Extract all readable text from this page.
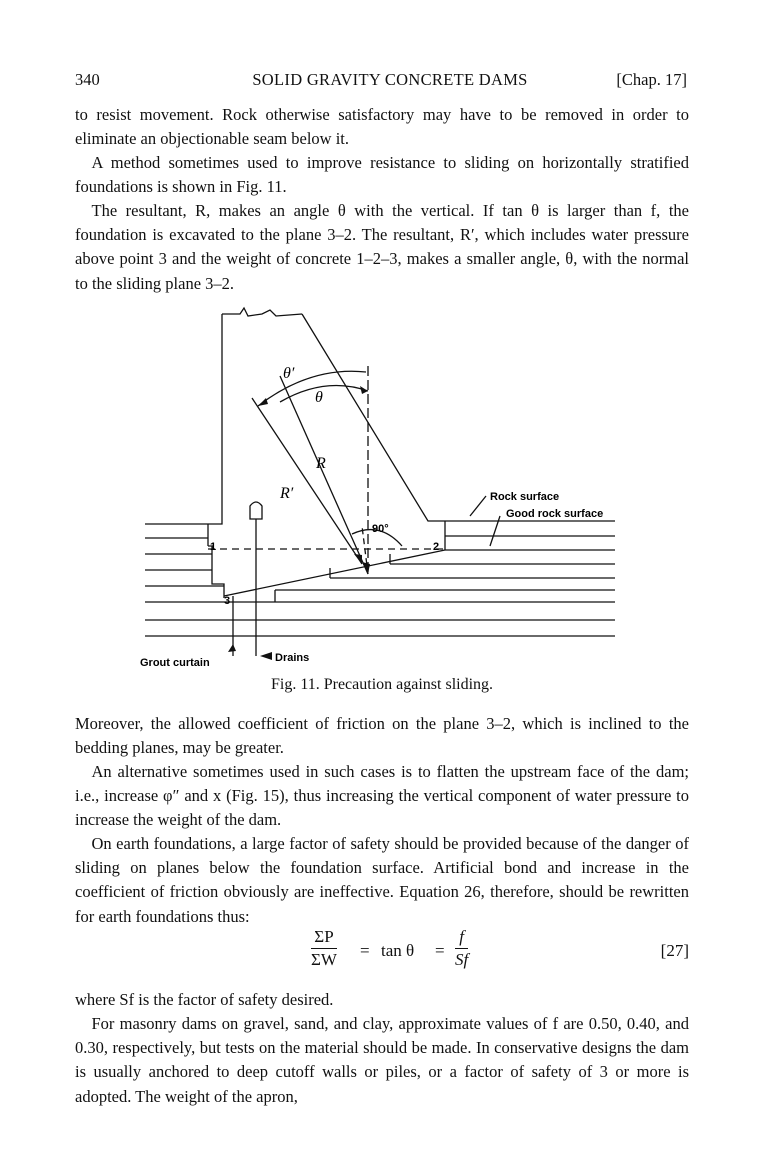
340	SOLID GRAVITY CONCRETE DAMS	[Chap. 17]

to resist movement. Rock otherwise satisfactory may have to be removed in order to eliminate an objectionable seam below it.

A method sometimes used to improve resistance to sliding on horizontally stratified foundations is shown in Fig. 11.

The resultant, R, makes an angle θ with the vertical. If tan θ is larger than f, the foundation is excavated to the plane 3–2. The resultant, R′, which includes water pressure above point 3 and the weight of concrete 1–2–3, makes a smaller angle, θ, with the normal to the sliding plane 3–2.

θ′
θ
R
R′
90°
1	2
3
Rock surface
Good rock surface
Grout curtain	Drains
Fig. 11. Precaution against sliding.

Moreover, the allowed coefficient of friction on the plane 3–2, which is inclined to the bedding planes, may be greater.

An alternative sometimes used in such cases is to flatten the upstream face of the dam; i.e., increase φ″ and x (Fig. 15), thus increasing the vertical component of water pressure to increase the weight of the dam.

On earth foundations, a large factor of safety should be provided because of the danger of sliding on planes below the foundation surface. Artificial bond and increase in the coefficient of friction obviously are ineffective. Equation 26, therefore, should be rewritten for earth foundations thus:

$\frac{\Sigma P}{\Sigma W} = \tan \theta = \frac{f}{Sf}$	[27]

where Sf is the factor of safety desired.

For masonry dams on gravel, sand, and clay, approximate values of f are 0.50, 0.40, and 0.30, respectively, but tests on the material should be made. In conservative designs the dam is usually anchored to deep cutoff walls or piles, or a factor of safety of 3 or more is adopted. The weight of the apron,
